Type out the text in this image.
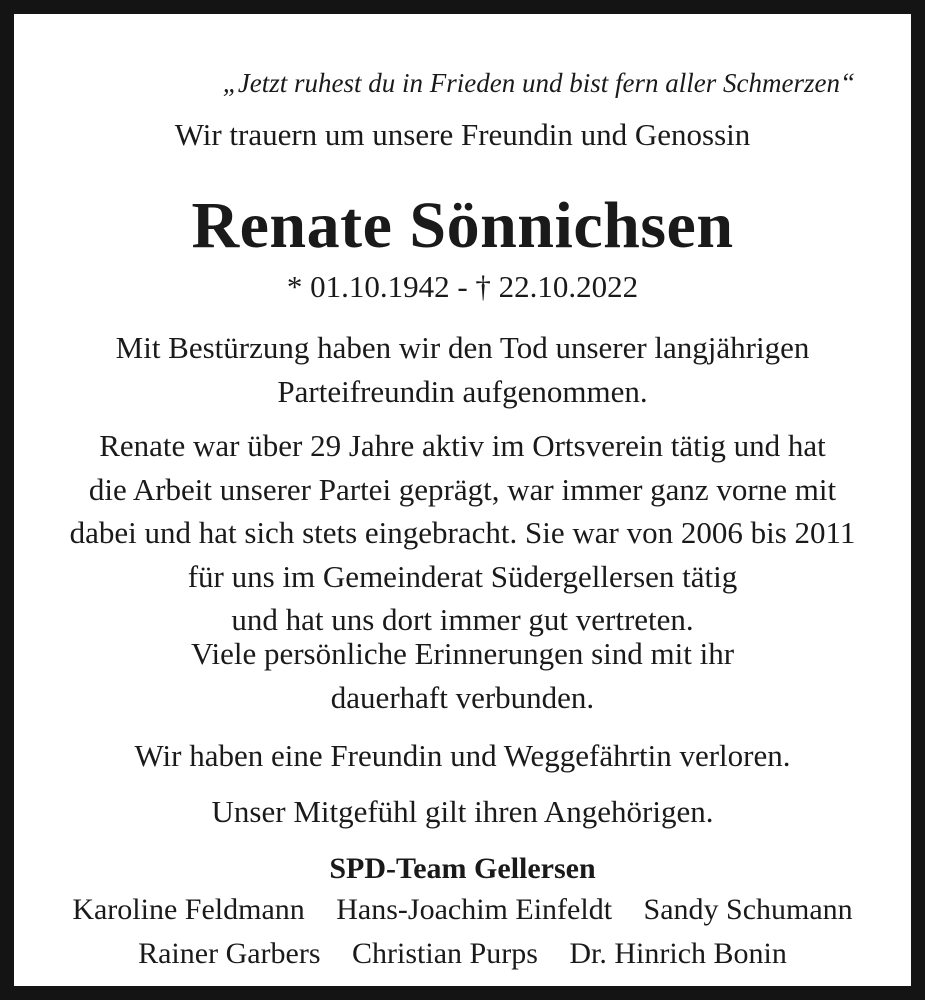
„Jetzt ruhest du in Frieden und bist fern aller Schmerzen“
Wir trauern um unsere Freundin und Genossin
Renate Sönnichsen
* 01.10.1942 - † 22.10.2022
Mit Bestürzung haben wir den Tod unserer langjährigen
Parteifreundin aufgenommen.
Renate war über 29 Jahre aktiv im Ortsverein tätig und hat
die Arbeit unserer Partei geprägt, war immer ganz vorne mit
dabei und hat sich stets eingebracht. Sie war von 2006 bis 2011
für uns im Gemeinderat Südergellersen tätig
und hat uns dort immer gut vertreten.
Viele persönliche Erinnerungen sind mit ihr
dauerhaft verbunden.
Wir haben eine Freundin und Weggefährtin verloren.
Unser Mitgefühl gilt ihren Angehörigen.
SPD-Team Gellersen
Karoline Feldmann Hans-Joachim Einfeldt Sandy Schumann
Rainer Garbers Christian Purps Dr. Hinrich Bonin
